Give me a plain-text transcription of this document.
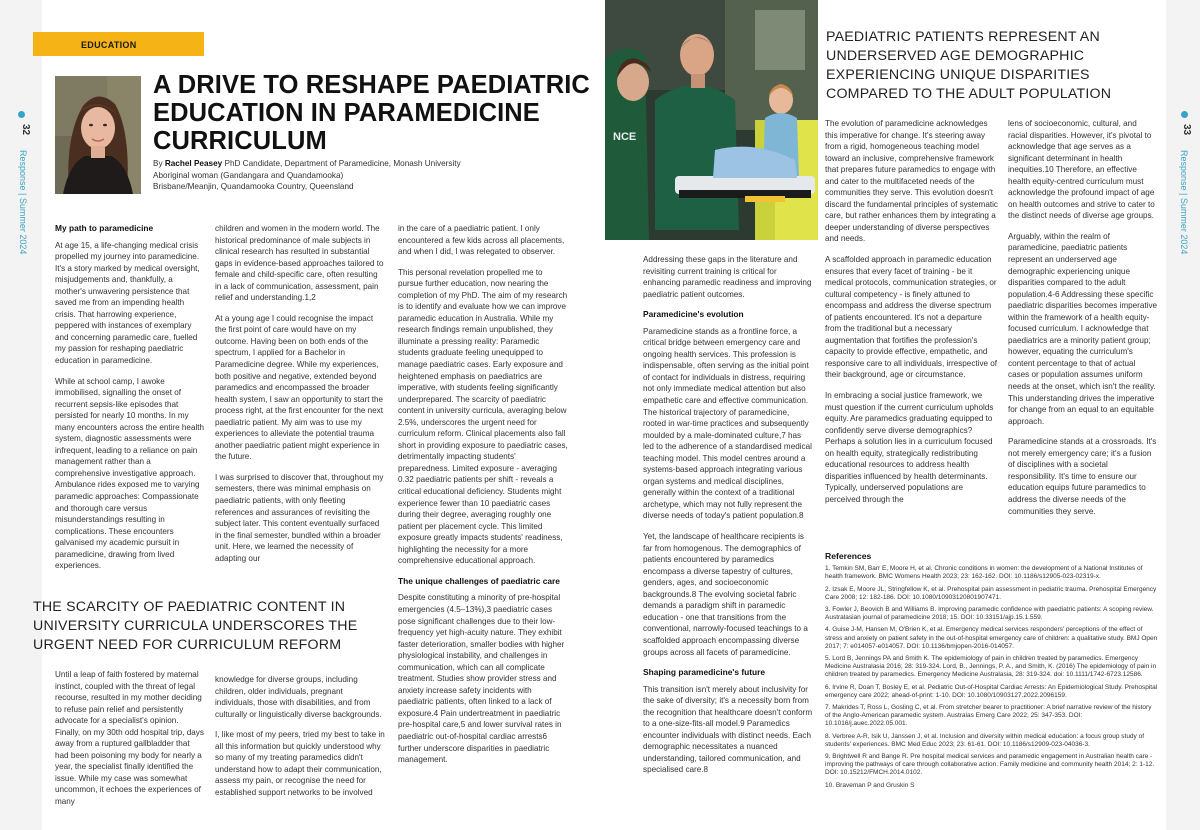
32
Response | Summer 2024
EDUCATION
A DRIVE TO RESHAPE PAEDIATRIC EDUCATION IN PARAMEDICINE CURRICULUM
By Rachel Peasey PhD Candidate, Department of Paramedicine, Monash University
Aboriginal woman (Gandangara and Quandamooka)
Brisbane/Meanjin, Quandamooka Country, Queensland
My path to paramedicine

At age 15, a life-changing medical crisis propelled my journey into paramedicine. It's a story marked by medical oversight, misjudgements and, thankfully, a mother's unwavering persistence that saved me from an impending health crisis. That harrowing experience, peppered with instances of exemplary and concerning paramedic care, fuelled my passion for reshaping paediatric education in paramedicine.

While at school camp, I awoke immobilised, signalling the onset of recurrent sepsis-like episodes that persisted for nearly 10 months. In my many encounters across the entire health system, diagnostic assessments were infrequent, leading to a reliance on pain management rather than a comprehensive investigative approach. Ambulance rides exposed me to varying paramedic approaches: Compassionate and thorough care versus misunderstandings resulting in complications. These encounters galvanised my academic pursuit in paramedicine, drawing from lived experiences.

children and women in the modern world. The historical predominance of male subjects in clinical research has resulted in substantial gaps in evidence-based approaches tailored to female and child-specific care, often resulting in a lack of communication, assessment, pain relief and understanding.1,2

At a young age I could recognise the impact the first point of care would have on my outcome. Having been on both ends of the spectrum, I applied for a Bachelor in Paramedicine degree. While my experiences, both positive and negative, extended beyond paramedics and encompassed the broader health system, I saw an opportunity to start the process right, at the first encounter for the next paediatric patient. My aim was to use my experiences to alleviate the potential trauma another paediatric patient might experience in the future.

I was surprised to discover that, throughout my semesters, there was minimal emphasis on paediatric patients, with only fleeting references and assurances of revisiting the subject later. This content eventually surfaced in the final semester, bundled within a broader unit. Here, we learned the necessity of adapting our

in the care of a paediatric patient. I only encountered a few kids across all placements, and when I did, I was relegated to observer.

This personal revelation propelled me to pursue further education, now nearing the completion of my PhD. The aim of my research is to identify and evaluate how we can improve paramedic education in Australia. While my research findings remain unpublished, they illuminate a pressing reality: Paramedic students graduate feeling unequipped to manage paediatric cases. Early exposure and heightened emphasis on paediatrics are imperative, with students feeling significantly underprepared. The scarcity of paediatric content in university curricula, averaging below 2.5%, underscores the urgent need for curriculum reform. Clinical placements also fall short in providing exposure to paediatric cases, detrimentally impacting students' preparedness. Limited exposure - averaging 0.32 paediatric patients per shift - reveals a critical educational deficiency. Students might experience fewer than 10 paediatric cases during their degree, averaging roughly one patient per placement cycle. This limited exposure greatly impacts students' readiness, highlighting the necessity for a more comprehensive educational approach.

The unique challenges of paediatric care

Despite constituting a minority of pre-hospital emergencies (4.5–13%),3 paediatric cases pose significant challenges due to their low-frequency yet high-acuity nature. They exhibit faster deterioration, smaller bodies with higher physiological instability, and challenges in communication, which can all complicate treatment. Studies show provider stress and anxiety increase safety incidents with paediatric patients, often linked to a lack of exposure.4 Pain undertreatment in paediatric pre-hospital care,5 and lower survival rates in paediatric out-of-hospital cardiac arrests6 further underscore disparities in paediatric management.

THE SCARCITY OF PAEDIATRIC CONTENT IN UNIVERSITY CURRICULA UNDERSCORES THE URGENT NEED FOR CURRICULUM REFORM

Until a leap of faith fostered by maternal instinct, coupled with the threat of legal recourse, resulted in my mother deciding to refuse pain relief and persistently advocate for a specialist's opinion. Finally, on my 30th odd hospital trip, days away from a ruptured gallbladder that had been poisoning my body for nearly a year, the specialist finally identified the issue. While my case was somewhat uncommon, it echoes the experiences of many

knowledge for diverse groups, including children, older individuals, pregnant individuals, those with disabilities, and from culturally or linguistically diverse backgrounds.

I, like most of my peers, tried my best to take in all this information but quickly understood why so many of my treating paramedics didn't understand how to adapt their communication, assess my pain, or recognise the need for established support networks to be involved

NCE
PAEDIATRIC PATIENTS REPRESENT AN UNDERSERVED AGE DEMOGRAPHIC EXPERIENCING UNIQUE DISPARITIES COMPARED TO THE ADULT POPULATION

Addressing these gaps in the literature and revisiting current training is critical for enhancing paramedic readiness and improving paediatric patient outcomes.

Paramedicine's evolution

Paramedicine stands as a frontline force, a critical bridge between emergency care and ongoing health services. This profession is indispensable, often serving as the initial point of contact for individuals in distress, requiring not only immediate medical attention but also empathetic care and effective communication. The historical trajectory of paramedicine, rooted in war-time practices and subsequently moulded by a male-dominated culture,7 has led to the adherence of a standardised medical teaching model. This model centres around a systems-based approach integrating various organ systems and medical disciplines, generally within the context of a traditional archetype, which may not fully represent the diverse needs of today's patient population.8

Yet, the landscape of healthcare recipients is far from homogenous. The demographics of patients encountered by paramedics encompass a diverse tapestry of cultures, genders, ages, and socioeconomic backgrounds.8 The evolving societal fabric demands a paradigm shift in paramedic education - one that transitions from the conventional, narrowly-focused teachings to a scaffolded approach encompassing diverse groups across all facets of paramedicine.

Shaping paramedicine's future

This transition isn't merely about inclusivity for the sake of diversity; it's a necessity born from the recognition that healthcare doesn't conform to a one-size-fits-all model.9 Paramedics encounter individuals with distinct needs. Each demographic necessitates a nuanced understanding, tailored communication, and specialised care.8

The evolution of paramedicine acknowledges this imperative for change. It's steering away from a rigid, homogeneous teaching model toward an inclusive, comprehensive framework that prepares future paramedics to engage with and cater to the multifaceted needs of the communities they serve. This evolution doesn't discard the fundamental principles of systematic care, but rather enhances them by integrating a deeper understanding of diverse perspectives and needs.

A scaffolded approach in paramedic education ensures that every facet of training - be it medical protocols, communication strategies, or cultural competency - is finely attuned to encompass and address the diverse spectrum of patients encountered. It's not a departure from the traditional but a necessary augmentation that fortifies the profession's capacity to provide effective, empathetic, and responsive care to all individuals, irrespective of their background, age or circumstance.

In embracing a social justice framework, we must question if the current curriculum upholds equity. Are paramedics graduating equipped to confidently serve diverse demographics? Perhaps a solution lies in a curriculum focused on health equity, strategically redistributing educational resources to address health disparities influenced by health determinants. Typically, underserved populations are perceived through the

lens of socioeconomic, cultural, and racial disparities. However, it's pivotal to acknowledge that age serves as a significant determinant in health inequities.10 Therefore, an effective health equity-centred curriculum must acknowledge the profound impact of age on health outcomes and strive to cater to the distinct needs of diverse age groups.

Arguably, within the realm of paramedicine, paediatric patients represent an underserved age demographic experiencing unique disparities compared to the adult population.4-6 Addressing these specific paediatric disparities becomes imperative within the framework of a health equity-focused curriculum. I acknowledge that paediatrics are a minority patient group; however, equating the curriculum's content percentage to that of actual cases or population assumes uniform needs at the onset, which isn't the reality. This understanding drives the imperative for change from an equal to an equitable approach.

Paramedicine stands at a crossroads. It's not merely emergency care; it's a fusion of disciplines with a societal responsibility. It's time to ensure our education equips future paramedics to address the diverse needs of the communities they serve.

References
1. Temkin SM, Barr E, Moore H, et al. Chronic conditions in women: the development of a National Institutes of health framework. BMC Womens Health 2023; 23: 162-162. DOI: 10.1186/s12905-023-02319-x.
2. Izsak E, Moore JL, Stringfellow K, et al. Prehospital pain assessment in pediatric trauma. Prehospital Emergency Care 2008; 12: 182-186. DOI: 10.1080/10903120801907471.
3. Fowler J, Beovich B and Williams B. Improving paramedic confidence with paediatric patients: A scoping review. Australasian journal of paramedicine 2018; 15. DOI: 10.33151/ajp.15.1.559.
4. Guise J-M, Hansen M, O'Brien K, et al. Emergency medical services responders' perceptions of the effect of stress and anxiety on patient safety in the out-of-hospital emergency care of children: a qualitative study. BMJ Open 2017; 7: e014057-e014057. DOI: 10.1136/bmjopen-2016-014057.
5. Lord B, Jennings PA and Smith K. The epidemiology of pain in children treated by paramedics. Emergency Medicine Australasia 2016; 28: 319-324. Lord, B., Jennings, P. A., and Smith, K. (2016) The epidemiology of pain in children treated by paramedics. Emergency Medicine Australasia, 28: 319-324. doi: 10.1111/1742-6723.12586.
6. Irvine R, Doan T, Bosley E, et al. Pediatric Out-of-Hospital Cardiac Arrests: An Epidemiological Study. Prehospital emergency care 2022; ahead-of-print: 1-10. DOI: 10.1080/10903127.2022.2096159.
7. Makrides T, Ross L, Gosling C, et al. From stretcher bearer to practitioner: A brief narrative review of the history of the Anglo-American paramedic system. Australas Emerg Care 2022; 25: 347-353. DOI: 10.1016/j.auec.2022.05.001.
8. Verbree A-R, Isik U, Janssen J, et al. Inclusion and diversity within medical education: a focus group study of students' experiences. BMC Med Educ 2023; 23: 61-61. DOI: 10.1186/s12909-023-04036-3.
9. Brightwell R and Bange R. Pre hospital medical services and paramedic engagement in Australian health care - improving the pathways of care through collaborative action. Family medicine and community health 2014; 2: 1-12. DOI: 10.15212/FMCH.2014.0102.
10. Braveman P and Gruskin S
33
Response | Summer 2024
